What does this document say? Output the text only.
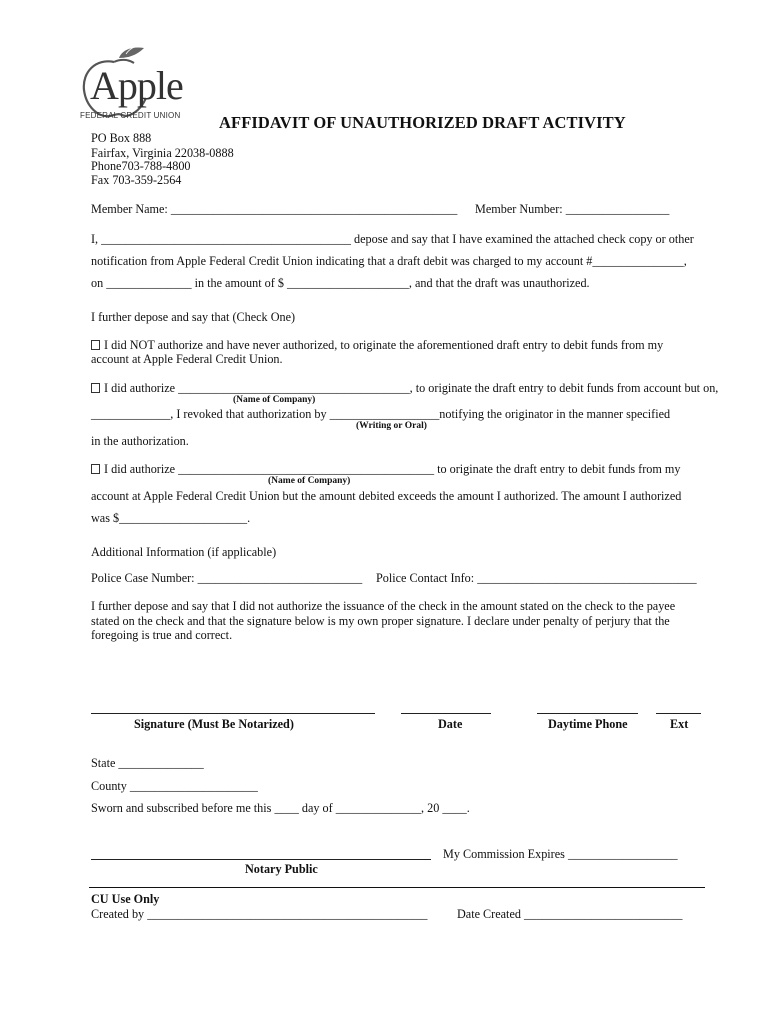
Apple
FEDERAL CREDIT UNION AFFIDAVIT OF UNAUTHORIZED DRAFT ACTIVITY
PO Box 888
Fairfax, Virginia 22038-0888
Phone703-788-4800
Fax 703-359-2564
Member Name: _______________________________________________ Member Number: _________________
I, _________________________________________ depose and say that I have examined the attached check copy or other
notification from Apple Federal Credit Union indicating that a draft debit was charged to my account #_______________,
on ______________ in the amount of $ ____________________, and that the draft was unauthorized.
I further depose and say that (Check One)
I did NOT authorize and have never authorized, to originate the aforementioned draft entry to debit funds from my
account at Apple Federal Credit Union.
I did authorize ______________________________________, to originate the draft entry to debit funds from account but on,
(Name of Company)
_____________, I revoked that authorization by __________________notifying the originator in the manner specified
(Writing or Oral)
in the authorization.
I did authorize __________________________________________ to originate the draft entry to debit funds from my
(Name of Company)
account at Apple Federal Credit Union but the amount debited exceeds the amount I authorized. The amount I authorized
was $_____________________.
Additional Information (if applicable)
Police Case Number: ___________________________ Police Contact Info: ____________________________________
I further depose and say that I did not authorize the issuance of the check in the amount stated on the check to the payee
stated on the check and that the signature below is my own proper signature. I declare under penalty of perjury that the
foregoing is true and correct.
Signature (Must Be Notarized)	Date	Daytime Phone	Ext
State ______________
County _____________________
Sworn and subscribed before me this ____ day of ______________, 20 ____.
My Commission Expires __________________
Notary Public
CU Use Only
Created by ______________________________________________ Date Created __________________________
